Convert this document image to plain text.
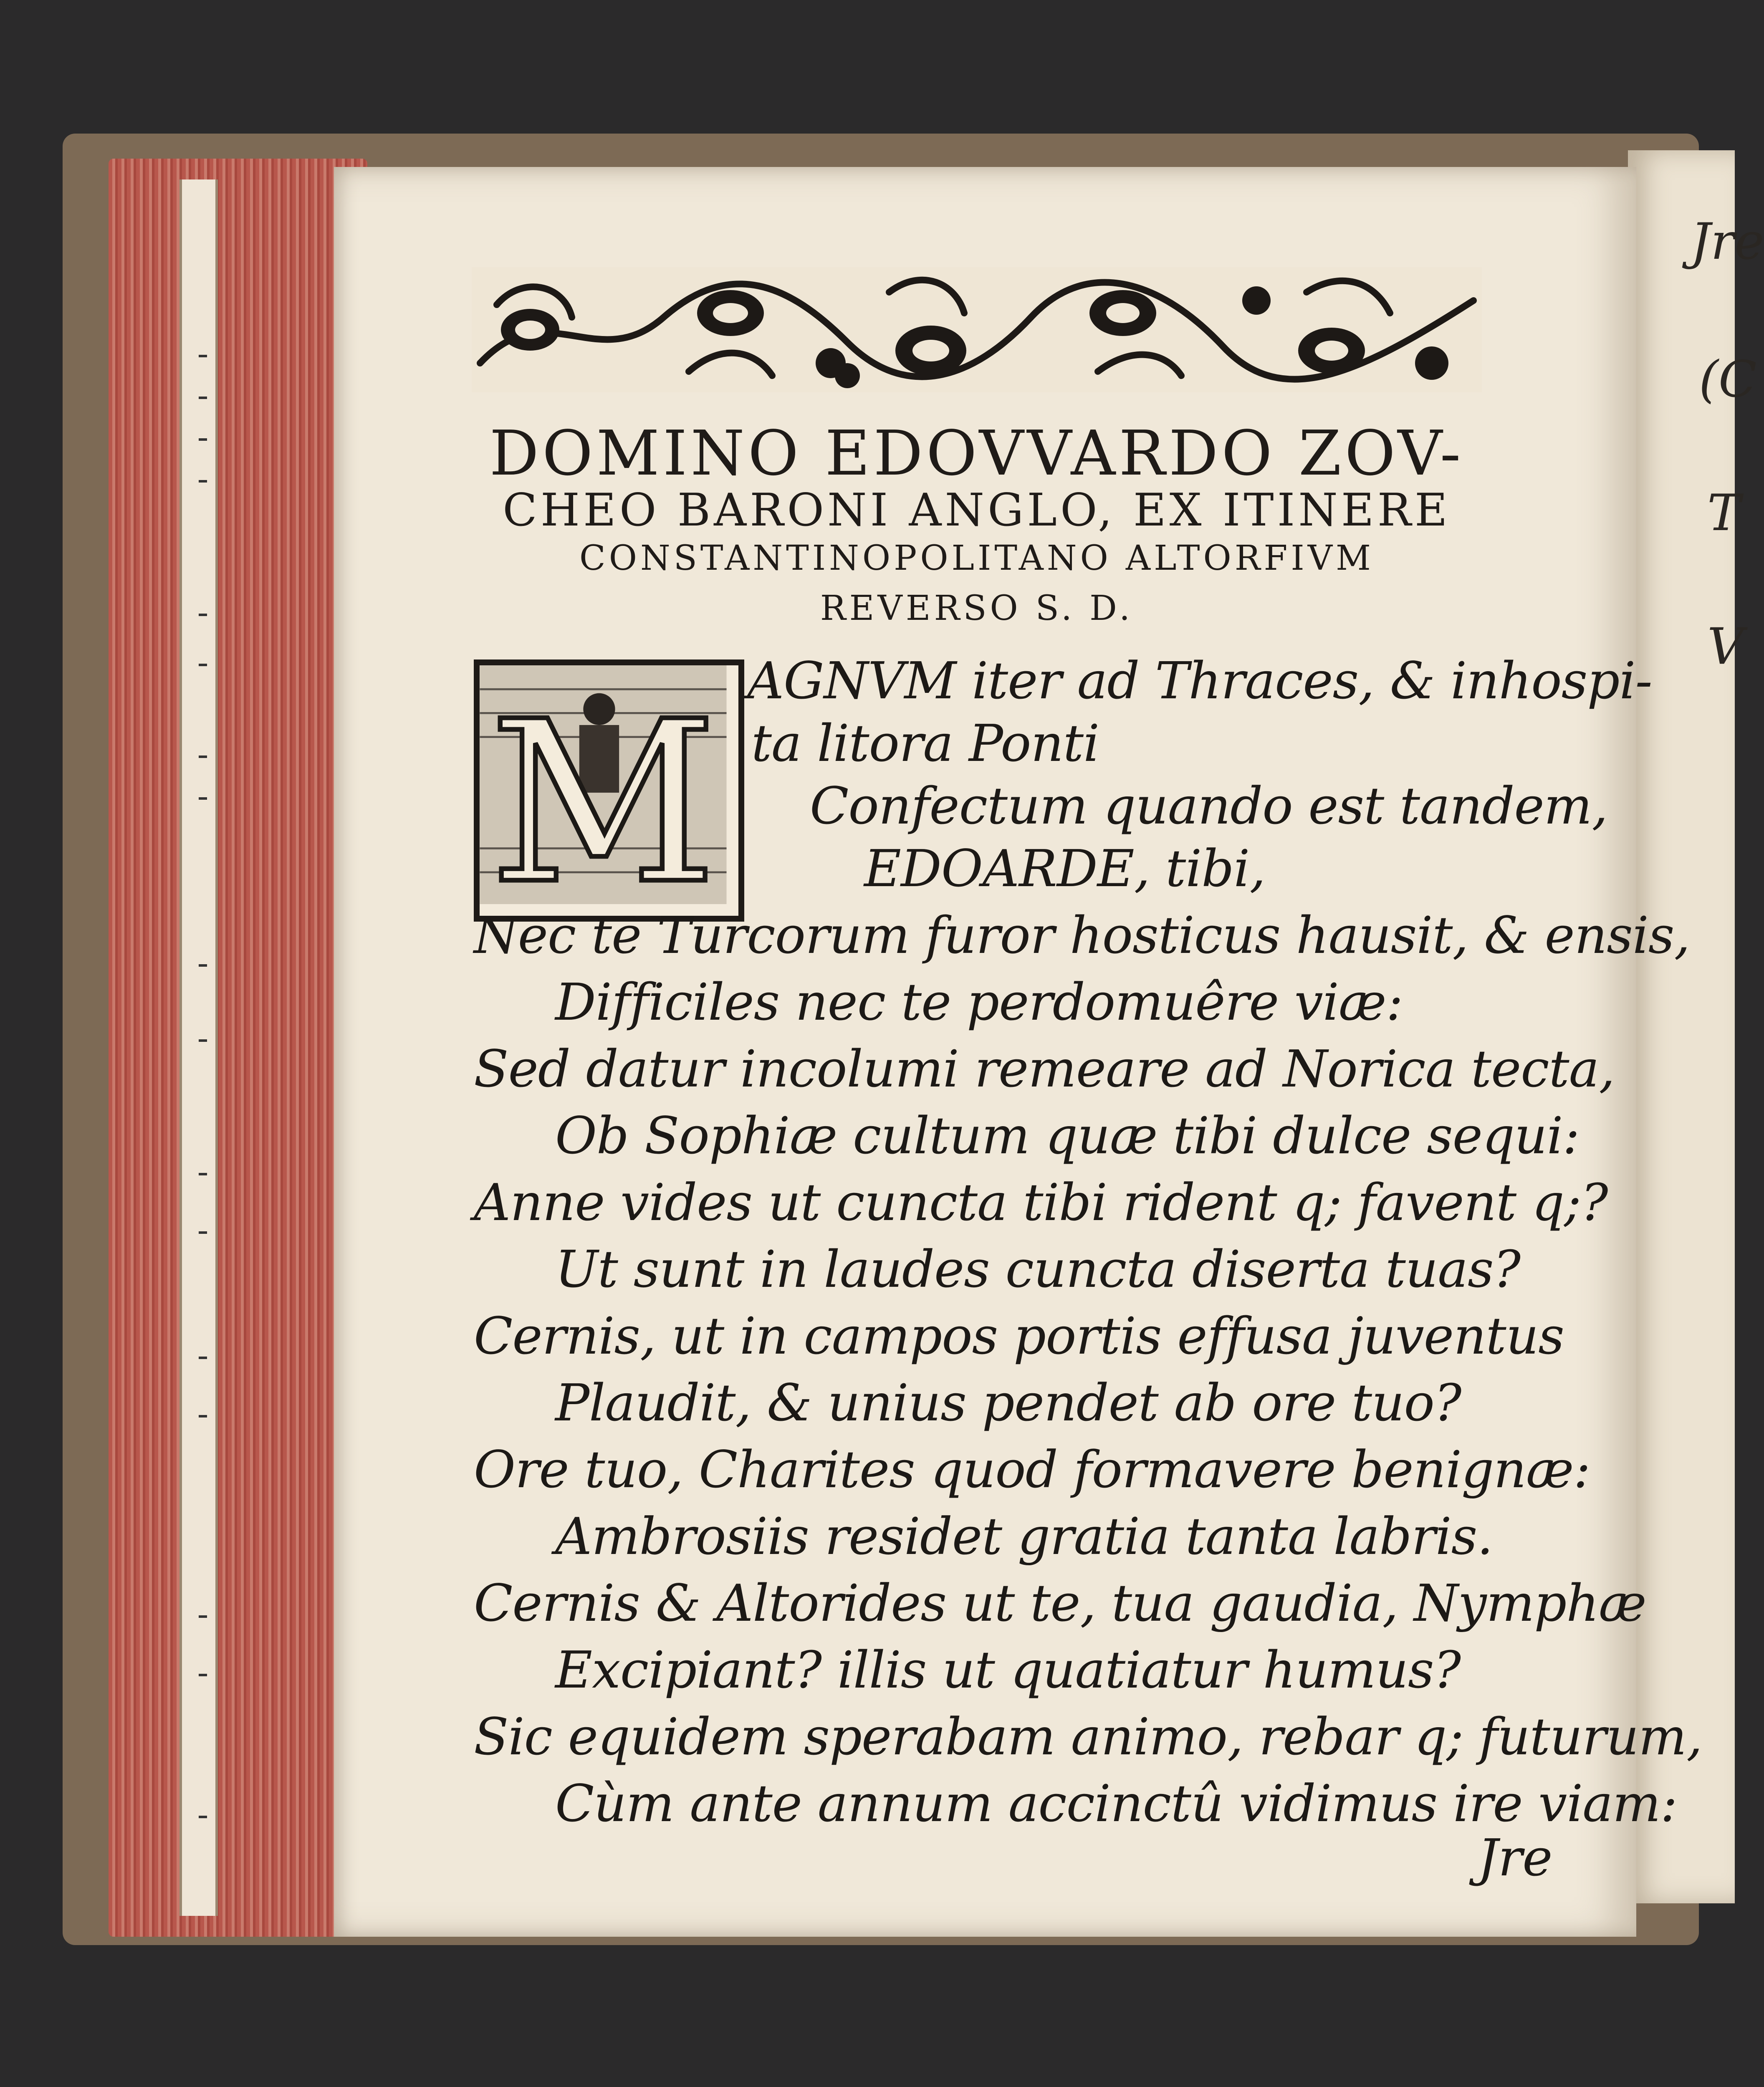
Jre
(C
T
V
DOMINO EDOVVARDO ZOV-
CHEO BARONI ANGLO, EX ITINERE
CONSTANTINOPOLITANO ALTORFIVM
REVERSO S. D.
M AGNVM iter ad Thraces, & inhospi-
ta litora Ponti
Confectum quando est tandem,
EDOARDE, tibi,
Nec te Turcorum furor hosticus hausit, & ensis,
Difficiles nec te perdomuêre viæ:
Sed datur incolumi remeare ad Norica tecta,
Ob Sophiæ cultum quæ tibi dulce sequi:
Anne vides ut cuncta tibi rident q; favent q;?
Ut sunt in laudes cuncta diserta tuas?
Cernis, ut in campos portis effusa juventus
Plaudit, & unius pendet ab ore tuo?
Ore tuo, Charites quod formavere benignæ:
Ambrosiis residet gratia tanta labris.
Cernis & Altorides ut te, tua gaudia, Nymphæ
Excipiant? illis ut quatiatur humus?
Sic equidem sperabam animo, rebar q; futurum,
Cùm ante annum accinctû vidimus ire viam:
Jre
